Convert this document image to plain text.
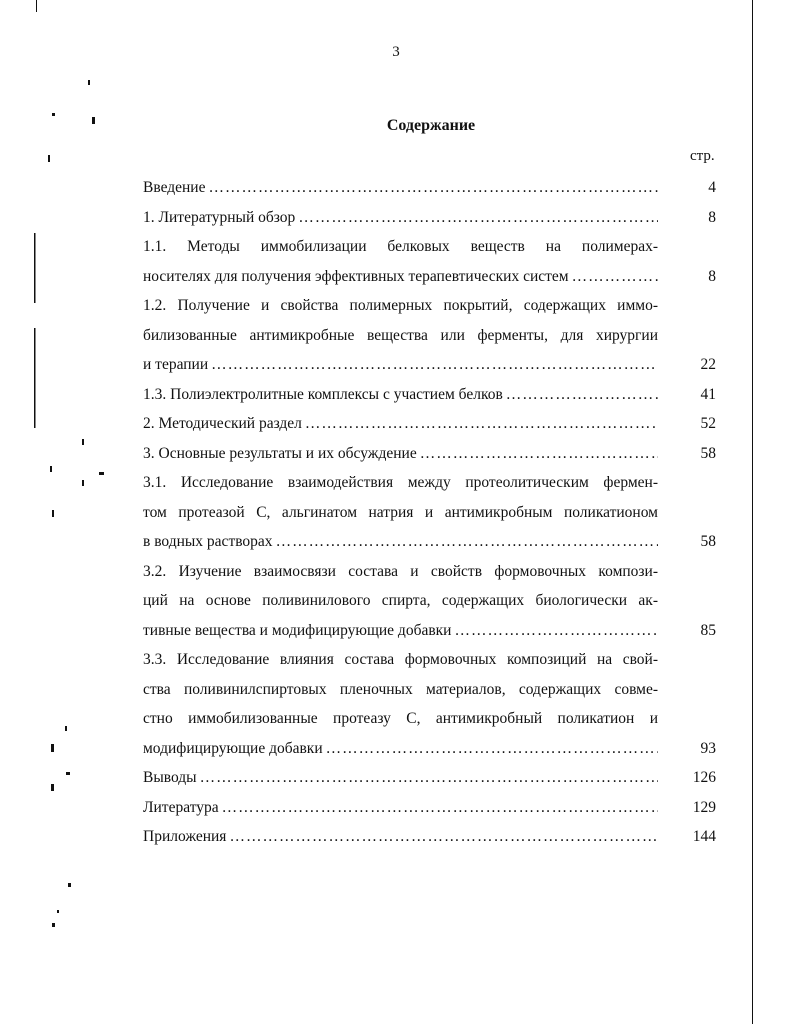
3
Содержание
стр.
Введение ……………………………………………………………………………………………………………………………………………………………………………………………………	4
1. Литературный обзор ……………………………………………………………………………………………………………………………………………………………………………………………………	8
1.1. Методы иммобилизации белковых веществ на полимерах-
носителях для получения эффективных терапевтических систем ……………………………………………………………………………………………………………………………………………………………………………………………………	8
1.2. Получение и свойства полимерных покрытий, содержащих иммо-
билизованные антимикробные вещества или ферменты, для хирургии
и терапии ……………………………………………………………………………………………………………………………………………………………………………………………………	22
1.3. Полиэлектролитные комплексы с участием белков ……………………………………………………………………………………………………………………………………………………………………………………………………	41
2. Методический раздел ……………………………………………………………………………………………………………………………………………………………………………………………………	52
3. Основные результаты и их обсуждение ……………………………………………………………………………………………………………………………………………………………………………………………………	58
3.1. Исследование взаимодействия между протеолитическим фермен-
том протеазой С, альгинатом натрия и антимикробным поликатионом
в водных растворах ……………………………………………………………………………………………………………………………………………………………………………………………………	58
3.2. Изучение взаимосвязи состава и свойств формовочных компози-
ций на основе поливинилового спирта, содержащих биологически ак-
тивные вещества и модифицирующие добавки ……………………………………………………………………………………………………………………………………………………………………………………………………	85
3.3. Исследование влияния состава формовочных композиций на свой-
ства поливинилспиртовых пленочных материалов, содержащих совме-
стно иммобилизованные протеазу С, антимикробный поликатион и
модифицирующие добавки ……………………………………………………………………………………………………………………………………………………………………………………………………	93
Выводы ……………………………………………………………………………………………………………………………………………………………………………………………………	126
Литература ……………………………………………………………………………………………………………………………………………………………………………………………………	129
Приложения ……………………………………………………………………………………………………………………………………………………………………………………………………	144
